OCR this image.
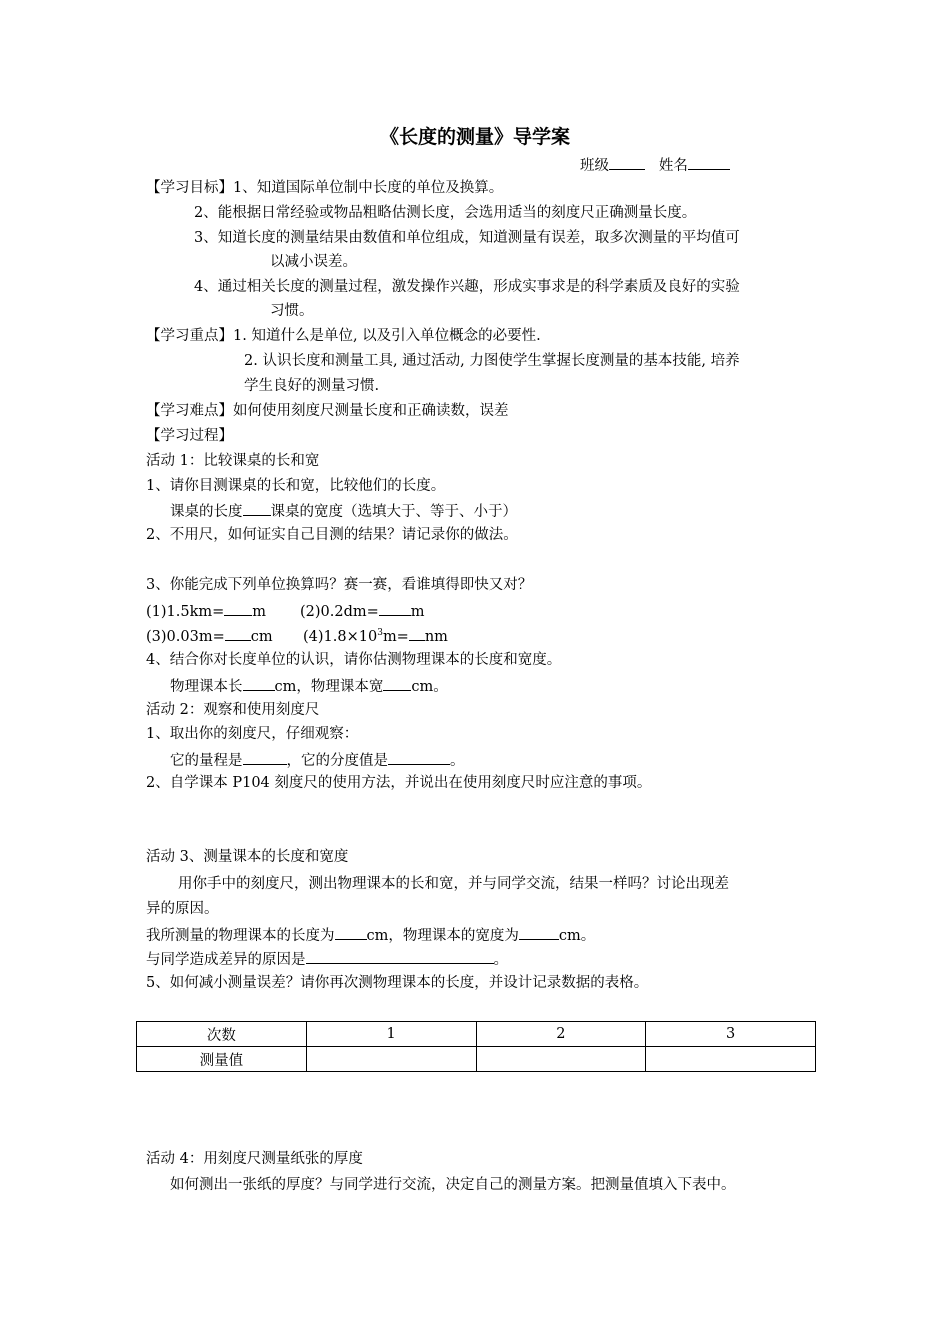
《长度的测量》导学案
班级	姓名
【学习目标】1、知道国际单位制中长度的单位及换算。
2、能根据日常经验或物品粗略估测长度，会选用适当的刻度尺正确测量长度。
3、知道长度的测量结果由数值和单位组成，知道测量有误差，取多次测量的平均值可
以减小误差。
4、通过相关长度的测量过程，激发操作兴趣，形成实事求是的科学素质及良好的实验
习惯。
【学习重点】1. 知道什么是单位, 以及引入单位概念的必要性.
2. 认识长度和测量工具, 通过活动, 力图使学生掌握长度测量的基本技能, 培养
学生良好的测量习惯.
【学习难点】如何使用刻度尺测量长度和正确读数，误差
【学习过程】
活动 1：比较课桌的长和宽
1、请你目测课桌的长和宽，比较他们的长度。
课桌的长度 课桌的宽度（选填大于、等于、小于）
2、不用尺，如何证实自己目测的结果？请记录你的做法。
3、你能完成下列单位换算吗？赛一赛，看谁填得即快又对？
(1)1.5km= m (2)0.2dm= m
(3)0.03m= cm $(4)1.8\times 10^3m=$ nm
4、结合你对长度单位的认识，请你估测物理课本的长度和宽度。
物理课本长 cm，物理课本宽 cm。
活动 2：观察和使用刻度尺
1、取出你的刻度尺，仔细观察：
它的量程是	，它的分度值是	。
2、自学课本 P104 刻度尺的使用方法，并说出在使用刻度尺时应注意的事项。
活动 3、测量课本的长度和宽度
用你手中的刻度尺，测出物理课本的长和宽，并与同学交流，结果一样吗？讨论出现差
异的原因。
我所测量的物理课本的长度为 cm，物理课本的宽度为	cm。
与同学造成差异的原因是	。
5、如何减小测量误差？请你再次测物理课本的长度，并设计记录数据的表格。
次数	1	2	3
测量值			
活动 4：用刻度尺测量纸张的厚度
如何测出一张纸的厚度？与同学进行交流，决定自己的测量方案。把测量值填入下表中。
